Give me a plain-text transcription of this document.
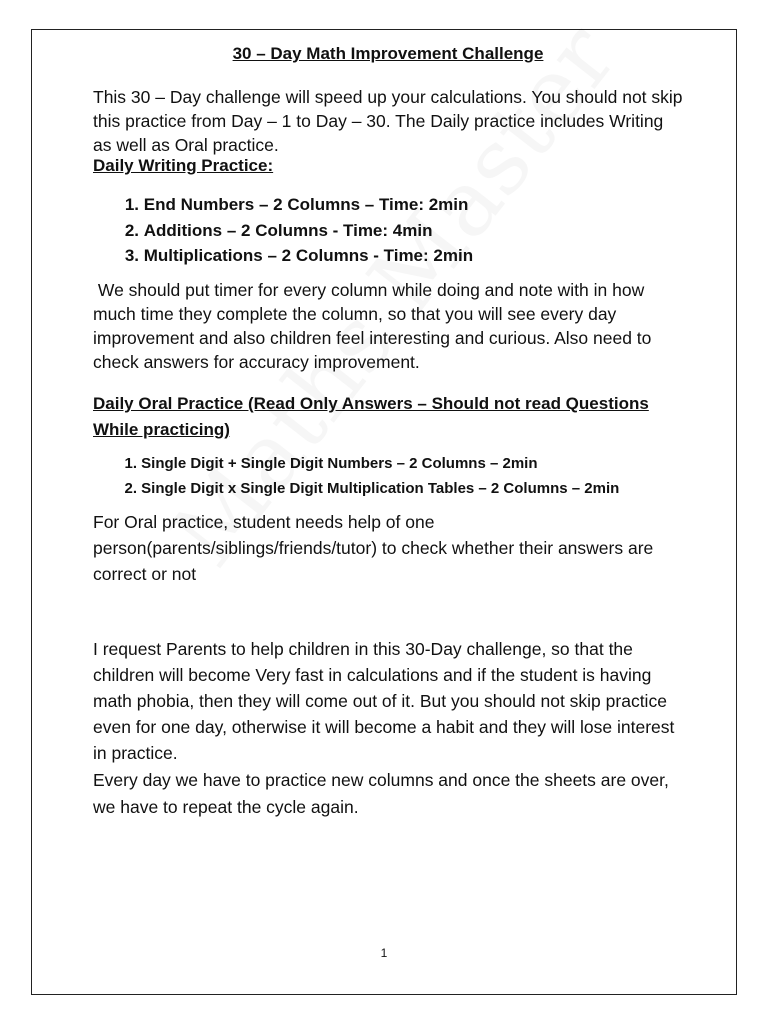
30 – Day Math Improvement Challenge

This 30 – Day challenge will speed up your calculations. You should not skip this practice from Day – 1 to Day – 30. The Daily practice includes Writing as well as Oral practice.

Daily Writing Practice:
1. End Numbers – 2 Columns – Time: 2min
2. Additions – 2 Columns - Time: 4min
3. Multiplications – 2 Columns - Time: 2min

We should put timer for every column while doing and note with in how much time they complete the column, so that you will see every day improvement and also children feel interesting and curious. Also need to check answers for accuracy improvement.

Daily Oral Practice (Read Only Answers – Should not read Questions While practicing)
1. Single Digit + Single Digit Numbers – 2 Columns – 2min
2. Single Digit x Single Digit Multiplication Tables – 2 Columns – 2min

For Oral practice, student needs help of one person(parents/siblings/friends/tutor) to check whether their answers are correct or not

I request Parents to help children in this 30-Day challenge, so that the children will become Very fast in calculations and if the student is having math phobia, then they will come out of it. But you should not skip practice even for one day, otherwise it will become a habit and they will lose interest in practice.

Every day we have to practice new columns and once the sheets are over, we have to repeat the cycle again.

1
